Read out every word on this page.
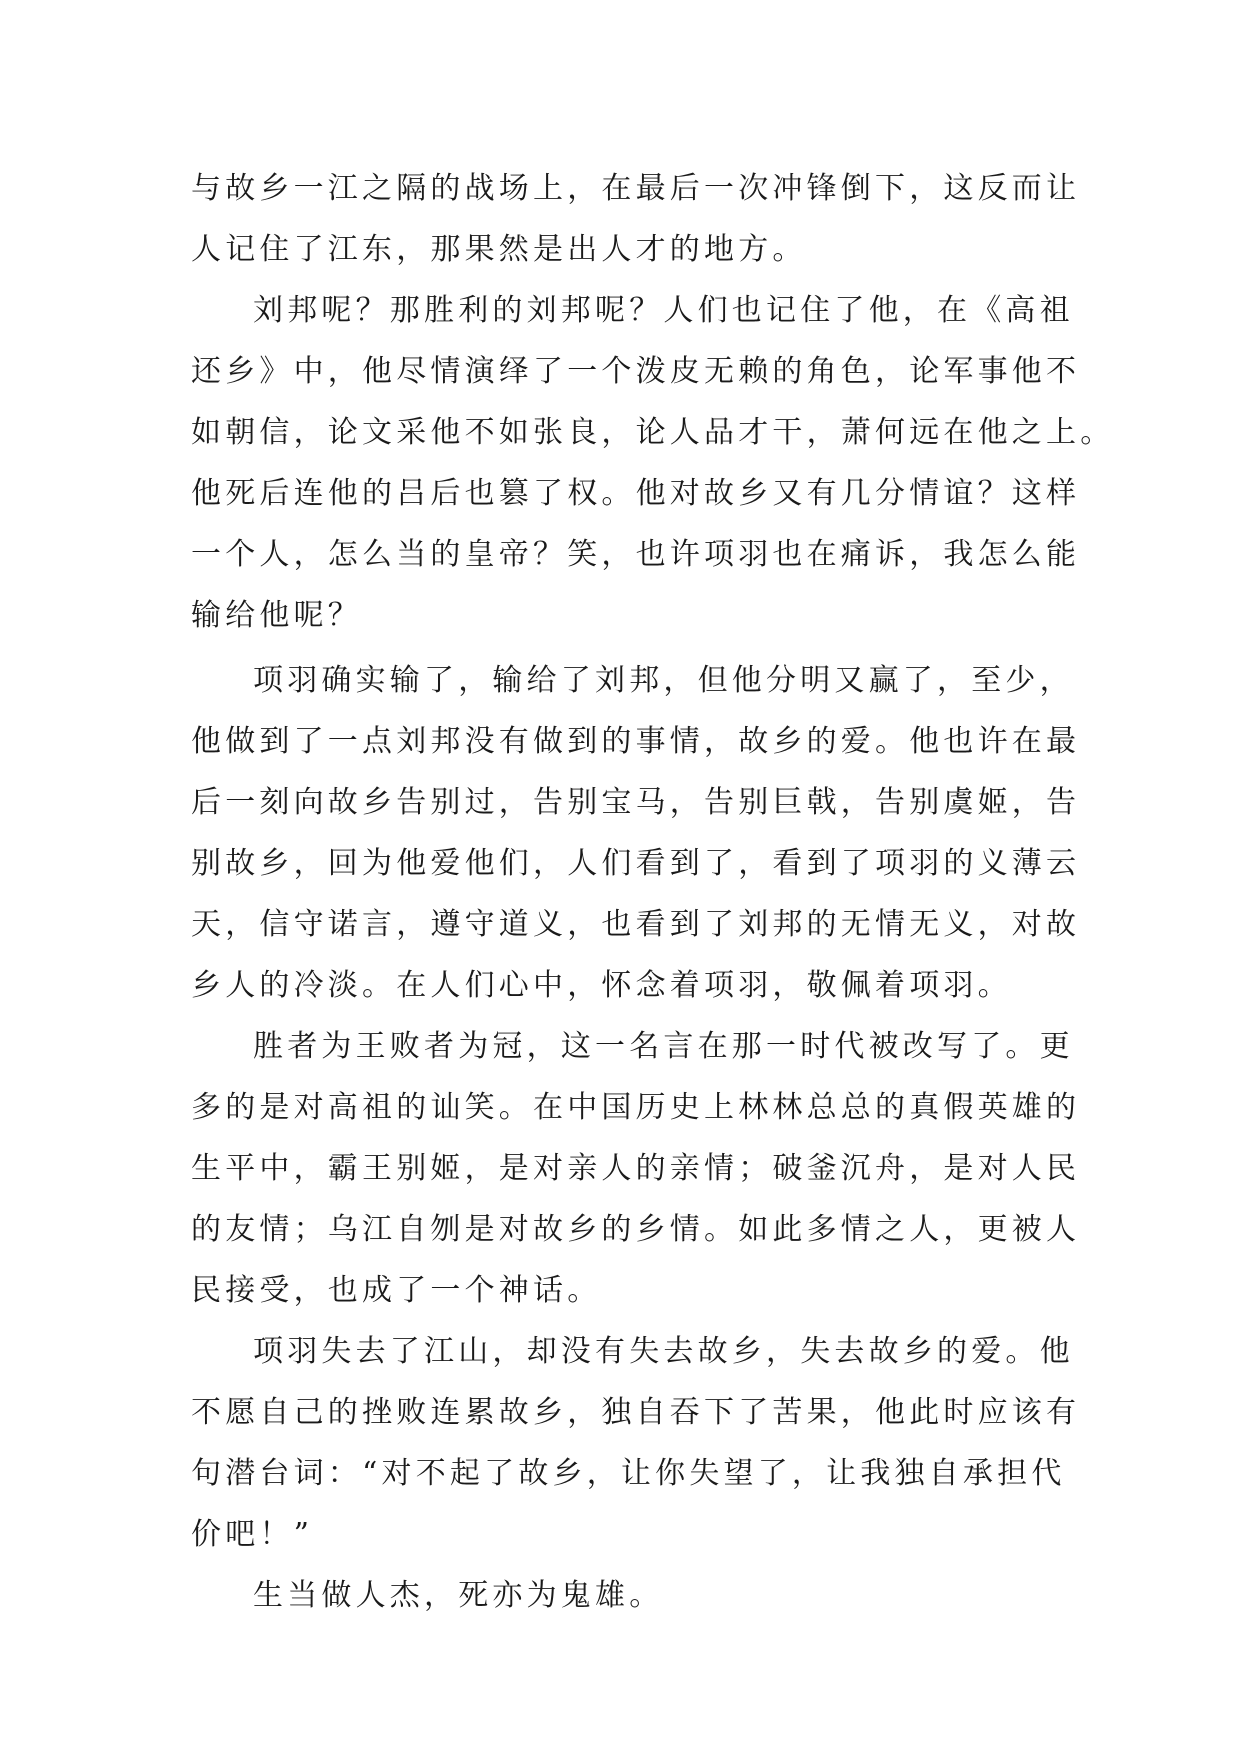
与故乡一江之隔的战场上，在最后一次冲锋倒下，这反而让
人记住了江东，那果然是出人才的地方。
刘邦呢？那胜利的刘邦呢？人们也记住了他，在《高祖
还乡》中，他尽情演绎了一个泼皮无赖的角色，论军事他不
如朝信，论文采他不如张良，论人品才干，萧何远在他之上。
他死后连他的吕后也篡了权。他对故乡又有几分情谊？这样
一个人，怎么当的皇帝？笑，也许项羽也在痛诉，我怎么能
输给他呢？
项羽确实输了，输给了刘邦，但他分明又赢了，至少，
他做到了一点刘邦没有做到的事情，故乡的爱。他也许在最
后一刻向故乡告别过，告别宝马，告别巨戟，告别虞姬，告
别故乡，回为他爱他们，人们看到了，看到了项羽的义薄云
天，信守诺言，遵守道义，也看到了刘邦的无情无义，对故
乡人的冷淡。在人们心中，怀念着项羽，敬佩着项羽。
胜者为王败者为冠，这一名言在那一时代被改写了。更
多的是对高祖的讪笑。在中国历史上林林总总的真假英雄的
生平中，霸王别姬，是对亲人的亲情；破釜沉舟，是对人民
的友情；乌江自刎是对故乡的乡情。如此多情之人，更被人
民接受，也成了一个神话。
项羽失去了江山，却没有失去故乡，失去故乡的爱。他
不愿自己的挫败连累故乡，独自吞下了苦果，他此时应该有
句潜台词：“对不起了故乡，让你失望了，让我独自承担代
价吧！”
生当做人杰，死亦为鬼雄。
